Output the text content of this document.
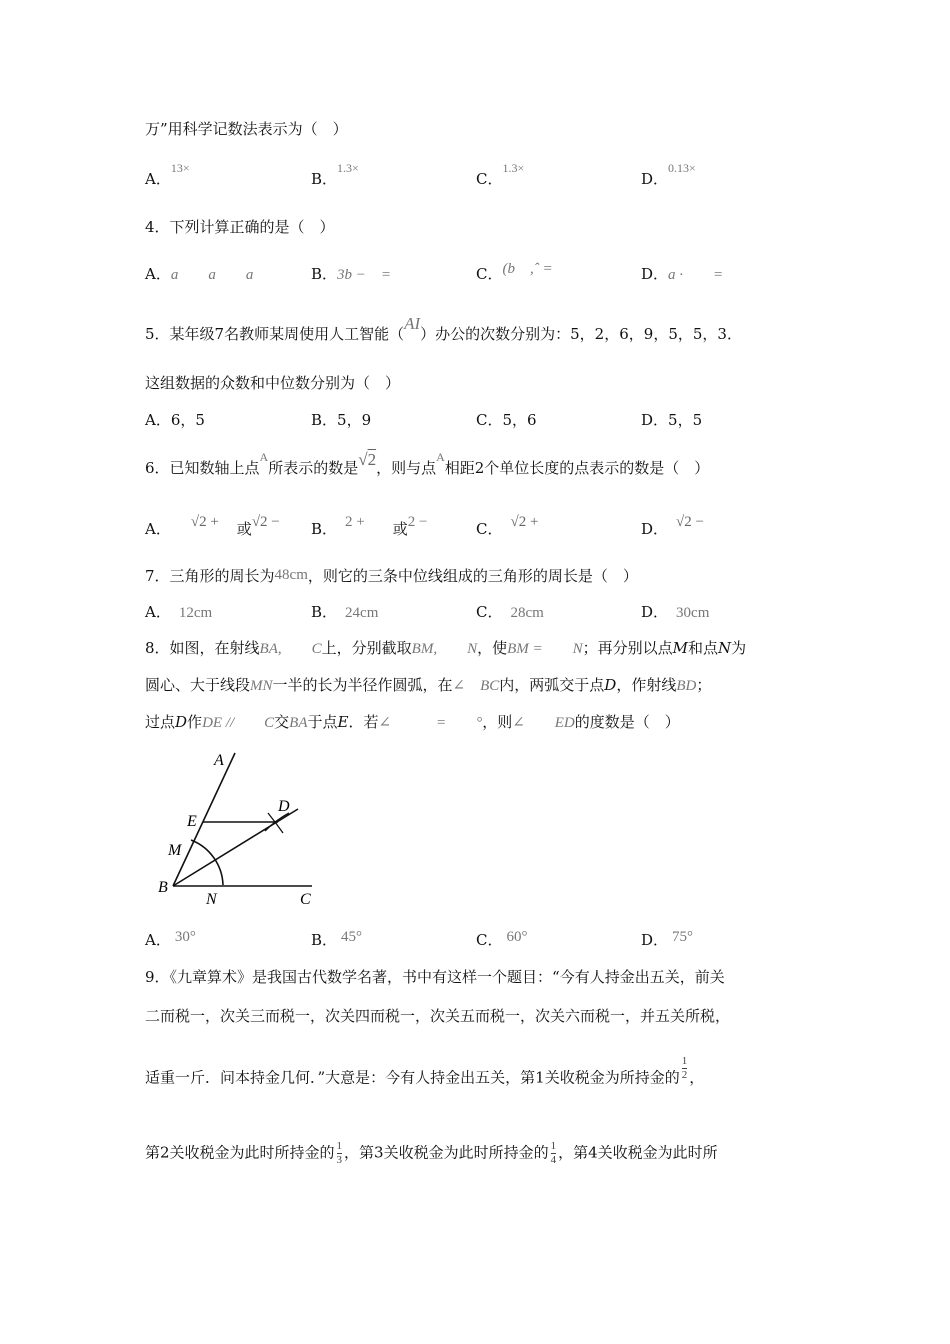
万”用科学记数法表示为（　）
A．$^{13\times}$
B．$^{1.3\times}$
C．$^{1.3\times}$
D．$^{0.13\times}$
4．下列计算正确的是（　）
A．a　　a　　a	B．3b −　=	C．(b　,ˆ =	D．a ·　　=
5．某年级7名教师某周使用人工智能（AI）办公的次数分别为：5，2，6，9，5，5，3．
这组数据的众数和中位数分别为（　）
A．6，5	B．5，9	C．5，6	D．5，5
6．已知数轴上点$^A$所表示的数是√2，则与点$^A$相距2个单位长度的点表示的数是（　）
A． √2 + 或√2 − B． 2 + 或2 −	C． √2 +	D． √2 −
7．三角形的周长为48cm，则它的三条中位线组成的三角形的周长是（　）
A． 12cm	B． 24cm	C． 28cm	D． 30cm
8．如图，在射线BA,　　C上，分别截取BM,　　N，使BM =　　N；再分别以点M和点N为
圆心、大于线段MN一半的长为半径作圆弧，在∠　BC内，两弧交于点D，作射线BD；
过点D作DE //　　C交BA于点E．若∠　　　=　　°，则∠　　ED的度数是（　）
A
B
C
D
E
M
N
A． 30°	B． 45°	C． 60°	D． 75°
9．《九章算术》是我国古代数学名著，书中有这样一个题目：“今有人持金出五关，前关
二而税一，次关三而税一，次关四而税一，次关五而税一，次关六而税一，并五关所税，
适重一斤．问本持金几何．”大意是：今有人持金出五关，第1关收税金为所持金的 $\frac{1}{2}$ ，
第2关收税金为此时所持金的 $\frac{1}{3}$ ，第3关收税金为此时所持金的 $\frac{1}{4}$ ，第4关收税金为此时所
